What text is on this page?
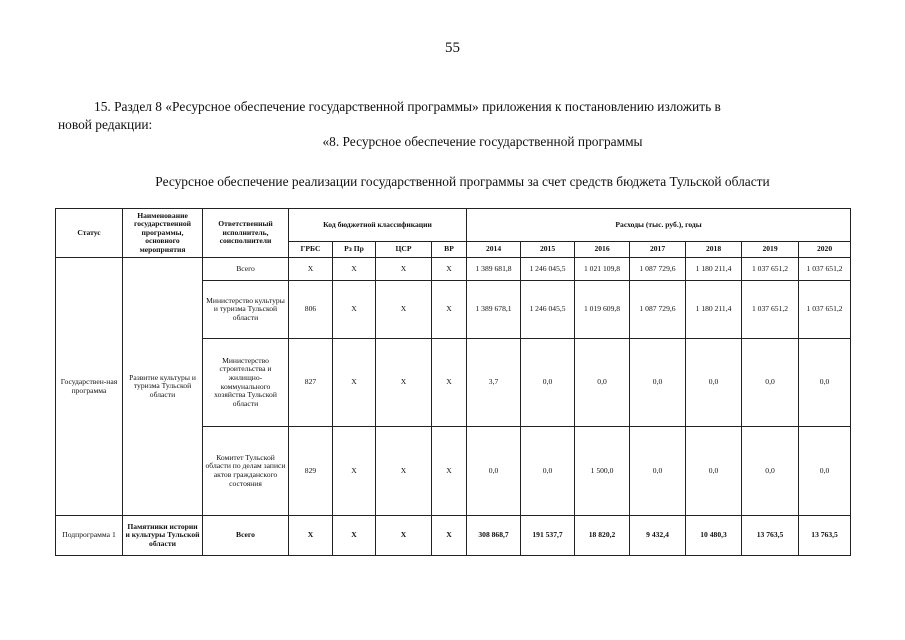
55
15. Раздел 8 «Ресурсное обеспечение государственной программы» приложения к постановлению изложить в
новой редакции:
«8. Ресурсное обеспечение государственной программы
Ресурсное обеспечение реализации государственной программы за счет средств бюджета Тульской области
Статус	Наименование государственной программы, основного мероприятия	Ответственный исполнитель, соисполнители	Код бюджетной классификации				Расходы (тыс. руб.), годы						
			ГРБС	Рз Пр	ЦСР	ВР	2014	2015	2016	2017	2018	2019	2020
Государствен-ная программа	Развитие культуры и туризма Тульской области	Всего	X	X	X	X	1 389 681,8	1 246 045,5	1 021 109,8	1 087 729,6	1 180 211,4	1 037 651,2	1 037 651,2
		Министерство культуры и туризма Тульской области	806	X	X	X	1 389 678,1	1 246 045,5	1 019 609,8	1 087 729,6	1 180 211,4	1 037 651,2	1 037 651,2
		Министерство строительства и жилищно-коммунального хозяйства Тульской области	827	X	X	X	3,7	0,0	0,0	0,0	0,0	0,0	0,0
		Комитет Тульской области по делам записи актов гражданского состояния	829	X	X	X	0,0	0,0	1 500,0	0,0	0,0	0,0	0,0
Подпрограмма 1	Памятники истории и культуры Тульской области	Всего	X	X	X	X	308 868,7	191 537,7	18 820,2	9 432,4	10 480,3	13 763,5	13 763,5
